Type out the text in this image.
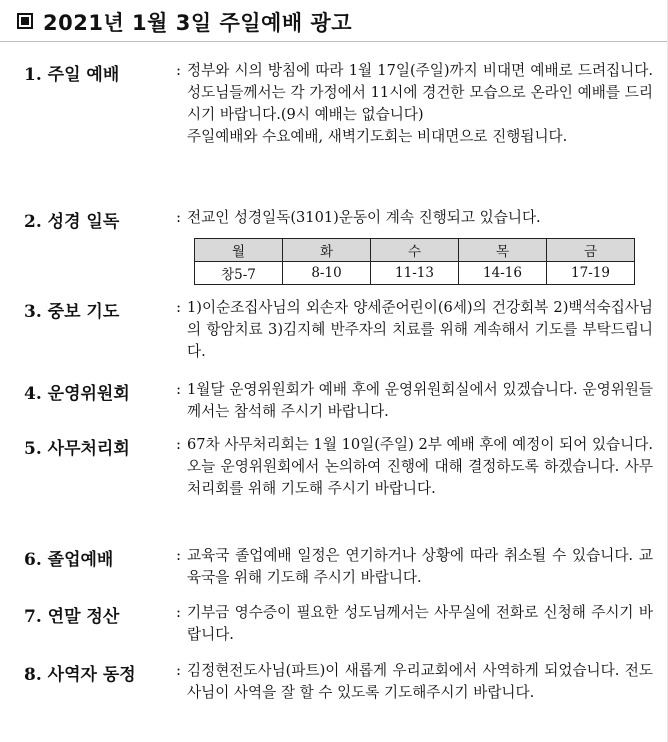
2021년 1월 3일 주일예배 광고
1. 주일 예배	: 정부와 시의 방침에 따라 1월 17일(주일)까지 비대면 예배로 드려집니다. 성도님들께서는 각 가정에서 11시에 경건한 모습으로 온라인 예배를 드리시기 바랍니다.(9시 예배는 없습니다)

주일예배와 수요예배, 새벽기도회는 비대면으로 진행됩니다.

2. 성경 일독	: 전교인 성경일독(3101)운동이 계속 진행되고 있습니다.

월	화	수	목	금
창5-7	8-10	11-13	14-16	17-19
3. 중보 기도	: 1)이순조집사님의 외손자 양세준어린이(6세)의 건강회복 2)백석숙집사님의 항암치료 3)김지혜 반주자의 치료를 위해 계속해서 기도를 부탁드립니다.

4. 운영위원회	: 1월달 운영위원회가 예배 후에 운영위원회실에서 있겠습니다. 운영위원들께서는 참석해 주시기 바랍니다.

5. 사무처리회	: 67차 사무처리회는 1월 10일(주일) 2부 예배 후에 예정이 되어 있습니다. 오늘 운영위원회에서 논의하여 진행에 대해 결정하도록 하겠습니다. 사무처리회를 위해 기도해 주시기 바랍니다.

6. 졸업예배	: 교육국 졸업예배 일정은 연기하거나 상황에 따라 취소될 수 있습니다. 교육국을 위해 기도해 주시기 바랍니다.

7. 연말 정산	: 기부금 영수증이 필요한 성도님께서는 사무실에 전화로 신청해 주시기 바랍니다.

8. 사역자 동정	: 김정현전도사님(파트)이 새롭게 우리교회에서 사역하게 되었습니다. 전도사님이 사역을 잘 할 수 있도록 기도해주시기 바랍니다.
